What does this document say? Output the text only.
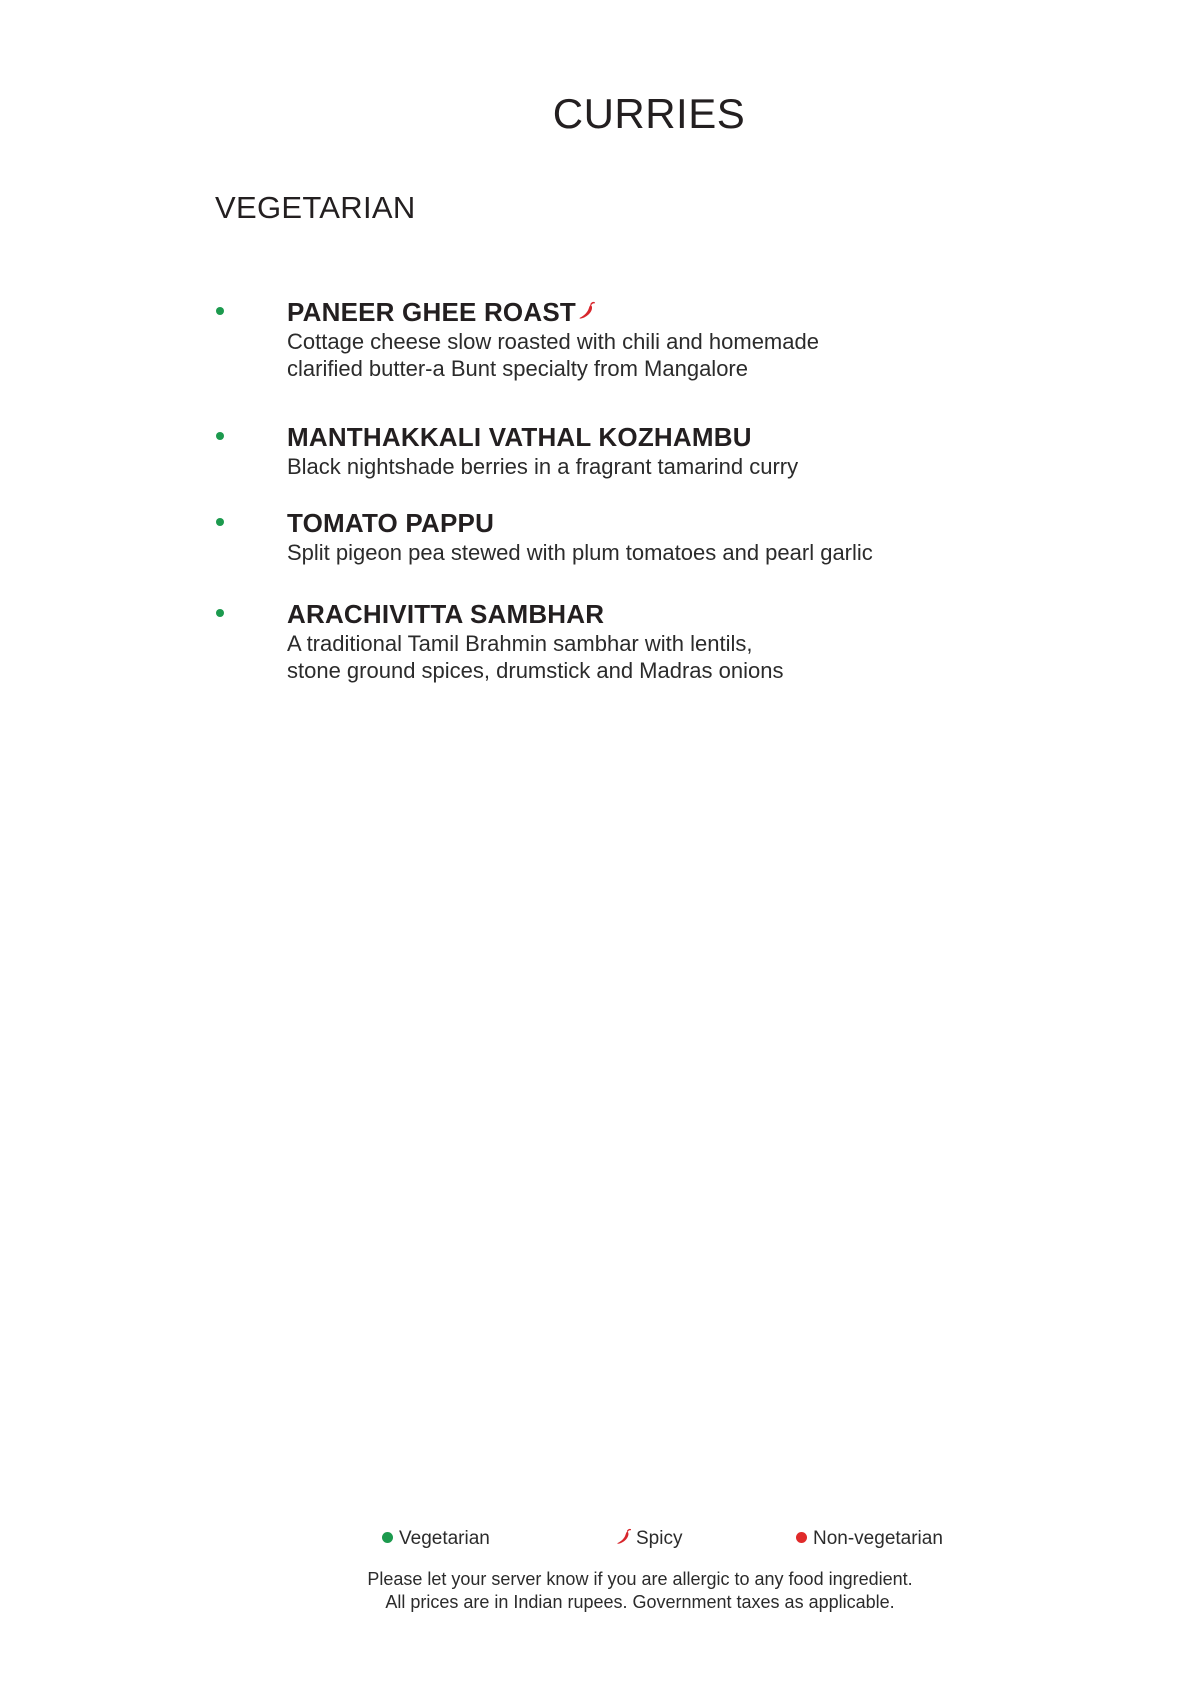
CURRIES
VEGETARIAN
PANEER GHEE ROAST
Cottage cheese slow roasted with chili and homemade
clarified butter-a Bunt specialty from Mangalore
MANTHAKKALI VATHAL KOZHAMBU
Black nightshade berries in a fragrant tamarind curry
TOMATO PAPPU
Split pigeon pea stewed with plum tomatoes and pearl garlic
ARACHIVITTA SAMBHAR
A traditional Tamil Brahmin sambhar with lentils,
stone ground spices, drumstick and Madras onions
Vegetarian	Spicy	Non-vegetarian
Please let your server know if you are allergic to any food ingredient.
All prices are in Indian rupees. Government taxes as applicable.
